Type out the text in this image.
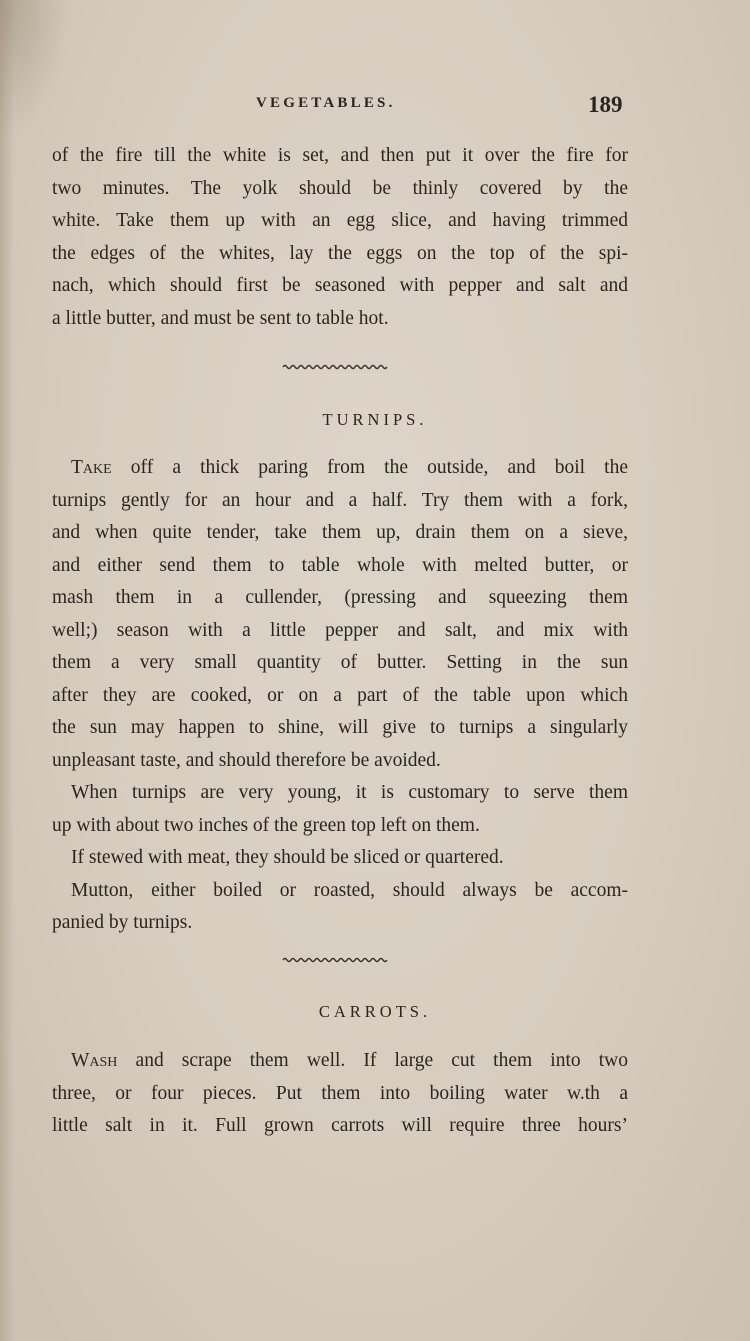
VEGETABLES.	189
of the fire till the white is set, and then put it over the fire for
two minutes. The yolk should be thinly covered by the
white. Take them up with an egg slice, and having trimmed
the edges of the whites, lay the eggs on the top of the spi-
nach, which should first be seasoned with pepper and salt and
a little butter, and must be sent to table hot.
TURNIPS.
Take off a thick paring from the outside, and boil the
turnips gently for an hour and a half. Try them with a fork,
and when quite tender, take them up, drain them on a sieve,
and either send them to table whole with melted butter, or
mash them in a cullender, (pressing and squeezing them
well;) season with a little pepper and salt, and mix with
them a very small quantity of butter. Setting in the sun
after they are cooked, or on a part of the table upon which
the sun may happen to shine, will give to turnips a singularly
unpleasant taste, and should therefore be avoided.
When turnips are very young, it is customary to serve them
up with about two inches of the green top left on them.
If stewed with meat, they should be sliced or quartered.
Mutton, either boiled or roasted, should always be accom-
panied by turnips.
CARROTS.
Wash and scrape them well. If large cut them into two
three, or four pieces. Put them into boiling water w.th a
little salt in it. Full grown carrots will require three hours’
